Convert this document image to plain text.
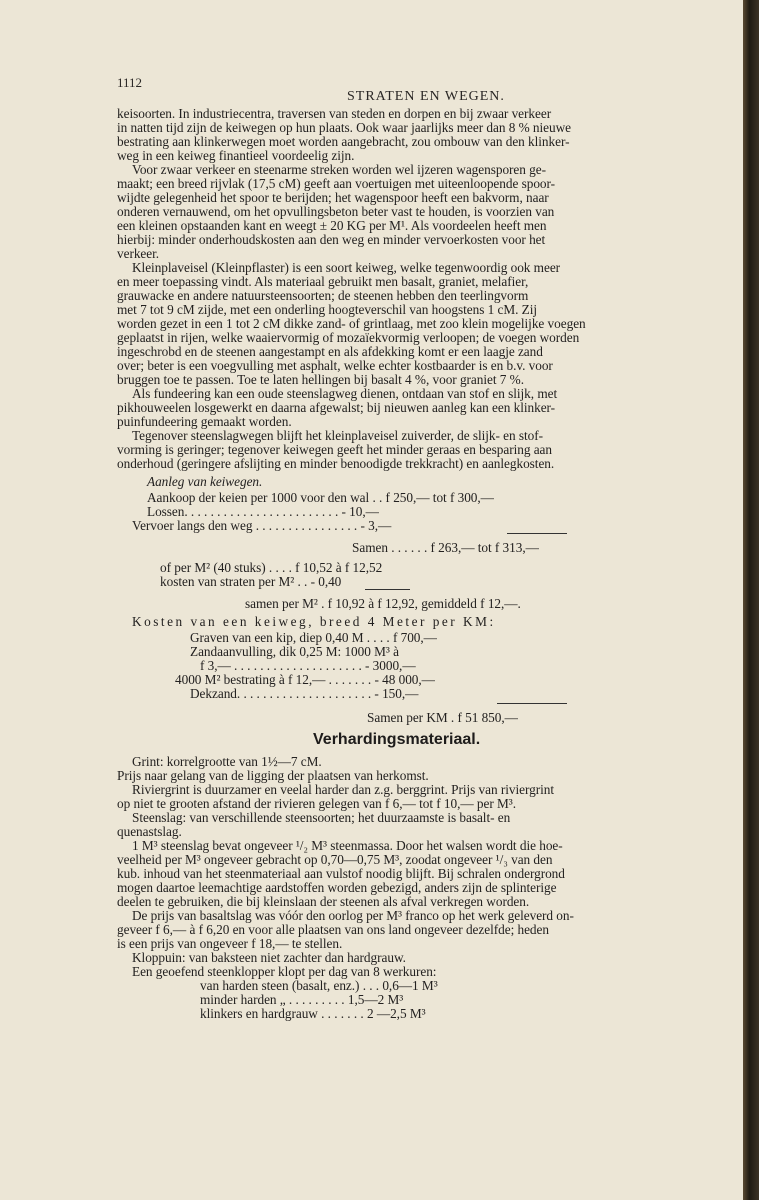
1112
STRATEN EN WEGEN.
keisoorten. In industriecentra, traversen van steden en dorpen en bij zwaar verkeer
in natten tijd zijn de keiwegen op hun plaats. Ook waar jaarlijks meer dan 8 % nieuwe
bestrating aan klinkerwegen moet worden aangebracht, zou ombouw van den klinker-
weg in een keiweg finantieel voordeelig zijn.
Voor zwaar verkeer en steenarme streken worden wel ijzeren wagensporen ge-
maakt; een breed rijvlak (17,5 cM) geeft aan voertuigen met uiteenloopende spoor-
wijdte gelegenheid het spoor te berijden; het wagenspoor heeft een bakvorm, naar
onderen vernauwend, om het opvullingsbeton beter vast te houden, is voorzien van
een kleinen opstaanden kant en weegt ± 20 KG per M¹. Als voordeelen heeft men
hierbij: minder onderhoudskosten aan den weg en minder vervoerkosten voor het
verkeer.
Kleinplaveisel (Kleinpflaster) is een soort keiweg, welke tegenwoordig ook meer
en meer toepassing vindt. Als materiaal gebruikt men basalt, graniet, melafier,
grauwacke en andere natuursteensoorten; de steenen hebben den teerlingvorm
met 7 tot 9 cM zijde, met een onderling hoogteverschil van hoogstens 1 cM. Zij
worden gezet in een 1 tot 2 cM dikke zand- of grintlaag, met zoo klein mogelijke voegen
geplaatst in rijen, welke waaiervormig of mozaïekvormig verloopen; de voegen worden
ingeschrobd en de steenen aangestampt en als afdekking komt er een laagje zand
over; beter is een voegvulling met asphalt, welke echter kostbaarder is en b.v. voor
bruggen toe te passen. Toe te laten hellingen bij basalt 4 %, voor graniet 7 %.
Als fundeering kan een oude steenslagweg dienen, ontdaan van stof en slijk, met
pikhouweelen losgewerkt en daarna afgewalst; bij nieuwen aanleg kan een klinker-
puinfundeering gemaakt worden.
Tegenover steenslagwegen blijft het kleinplaveisel zuiverder, de slijk- en stof-
vorming is geringer; tegenover keiwegen geeft het minder geraas en besparing aan
onderhoud (geringere afslijting en minder benoodigde trekkracht) en aanlegkosten.
Aanleg van keiwegen.
Aankoop der keien per 1000 voor den wal . . f 250,— tot f 300,—
Lossen. . . . . . . . . . . . . . . . . . . . . . . . - 10,—
Vervoer langs den weg . . . . . . . . . . . . . . . . - 3,—
Samen . . . . . . f 263,— tot f 313,—
of per M² (40 stuks) . . . . f 10,52 à f 12,52
kosten van straten per M² . . - 0,40
samen per M² . f 10,92 à f 12,92, gemiddeld f 12,—.
Kosten van een keiweg, breed 4 Meter per KM:
Graven van een kip, diep 0,40 M . . . . f 700,—
Zandaanvulling, dik 0,25 M: 1000 M³ à
f 3,— . . . . . . . . . . . . . . . . . . . . - 3000,—
4000 M² bestrating à f 12,— . . . . . . . - 48 000,—
Dekzand. . . . . . . . . . . . . . . . . . . . . - 150,—
Samen per KM . f 51 850,—
Verhardingsmateriaal.
Grint: korrelgrootte van 1½—7 cM.
Prijs naar gelang van de ligging der plaatsen van herkomst.
Riviergrint is duurzamer en veelal harder dan z.g. berggrint. Prijs van riviergrint
op niet te grooten afstand der rivieren gelegen van f 6,— tot f 10,— per M³.
Steenslag: van verschillende steensoorten; het duurzaamste is basalt- en
quenastslag.
1 M³ steenslag bevat ongeveer ¹/₂ M³ steenmassa. Door het walsen wordt die hoe-
veelheid per M³ ongeveer gebracht op 0,70—0,75 M³, zoodat ongeveer ¹/₃ van den
kub. inhoud van het steenmateriaal aan vulstof noodig blijft. Bij schralen ondergrond
mogen daartoe leemachtige aardstoffen worden gebezigd, anders zijn de splinterige
deelen te gebruiken, die bij kleinslaan der steenen als afval verkregen worden.
De prijs van basaltslag was vóór den oorlog per M³ franco op het werk geleverd on-
geveer f 6,— à f 6,20 en voor alle plaatsen van ons land ongeveer dezelfde; heden
is een prijs van ongeveer f 18,— te stellen.
Kloppuin: van baksteen niet zachter dan hardgrauw.
Een geoefend steenklopper klopt per dag van 8 werkuren:
van harden steen (basalt, enz.) . . . 0,6—1 M³
minder harden „ . . . . . . . . . 1,5—2 M³
klinkers en hardgrauw . . . . . . . 2 —2,5 M³
